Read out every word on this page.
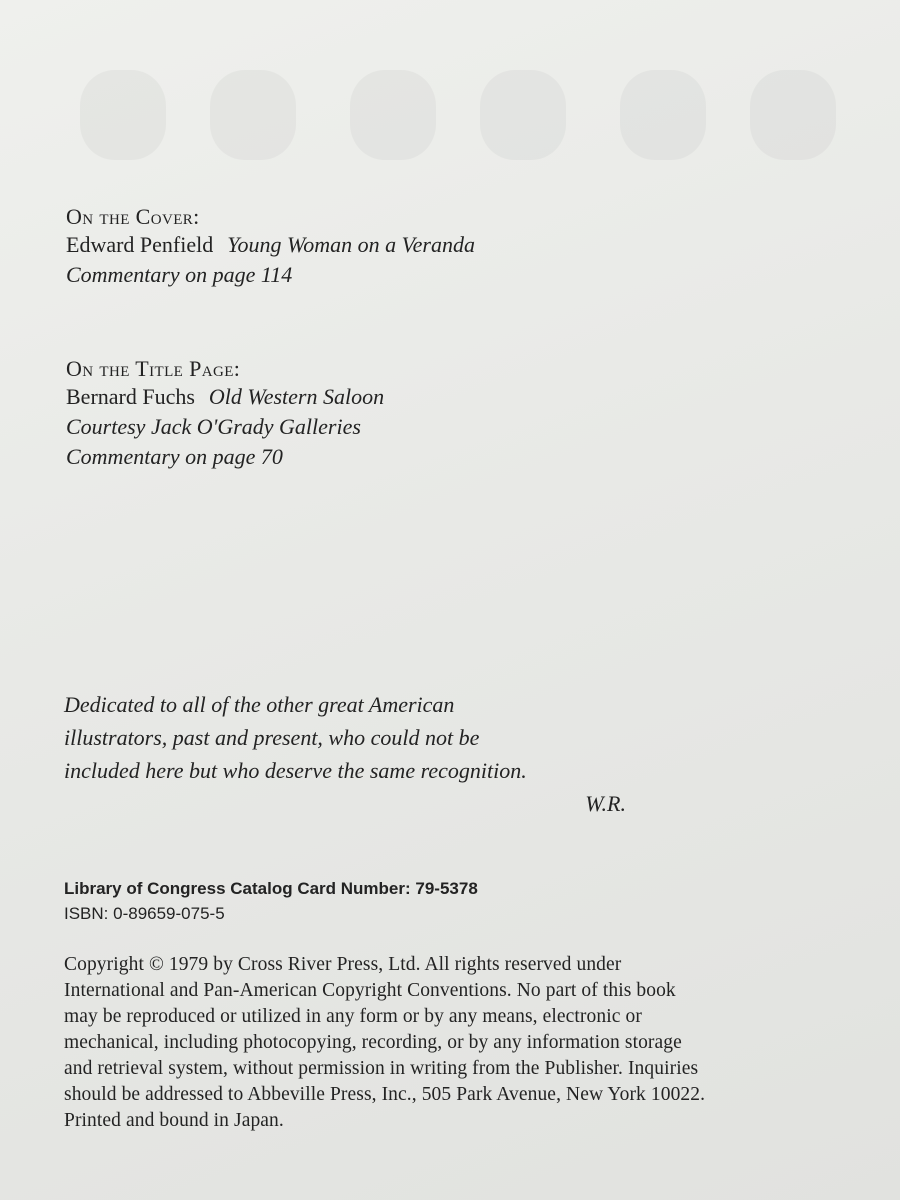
On the Cover:
Edward Penfield Young Woman on a Veranda
Commentary on page 114
On the Title Page:
Bernard Fuchs Old Western Saloon
Courtesy Jack O'Grady Galleries
Commentary on page 70
Dedicated to all of the other great American
illustrators, past and present, who could not be
included here but who deserve the same recognition.
W.R.
Library of Congress Catalog Card Number: 79-5378
ISBN: 0-89659-075-5
Copyright © 1979 by Cross River Press, Ltd. All rights reserved under
International and Pan-American Copyright Conventions. No part of this book
may be reproduced or utilized in any form or by any means, electronic or
mechanical, including photocopying, recording, or by any information storage
and retrieval system, without permission in writing from the Publisher. Inquiries
should be addressed to Abbeville Press, Inc., 505 Park Avenue, New York 10022.
Printed and bound in Japan.
